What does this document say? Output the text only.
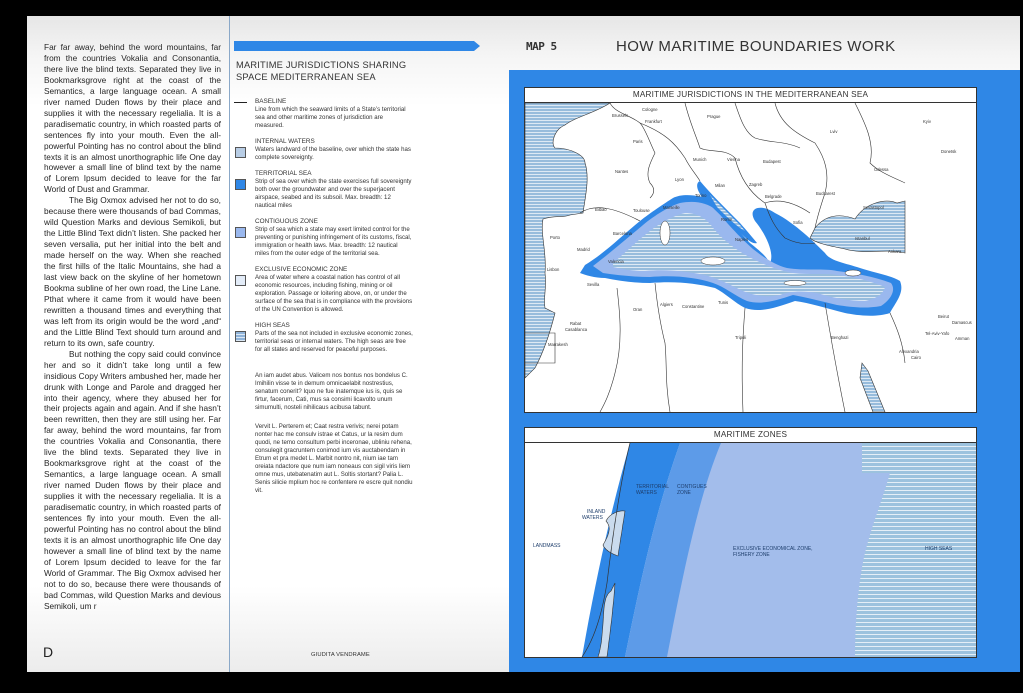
Far far away, behind the word mountains, far from the countries Vokalia and Consonantia, there live the blind texts. Separated they live in Bookmarksgrove right at the coast of the Semantics, a large language ocean. A small river named Duden flows by their place and supplies it with the necessary regelialia. It is a paradisematic country, in which roasted parts of sentences fly into your mouth. Even the all-powerful Pointing has no control about the blind texts it is an almost unorthographic life One day however a small line of blind text by the name of Lorem Ipsum decided to leave for the far World of Dust and Grammar.

The Big Oxmox advised her not to do so, because there were thousands of bad Commas, wild Question Marks and devious Semikoli, but the Little Blind Text didn’t listen. She packed her seven versalia, put her initial into the belt and made herself on the way. When she reached the first hills of the Italic Mountains, she had a last view back on the skyline of her hometown Bookma subline of her own road, the Line Lane. Pthat where it came from it would have been rewritten a thousand times and everything that was left from its origin would be the word „and“ and the Little Blind Text should turn around and return to its own, safe country.

But nothing the copy said could convince her and so it didn’t take long until a few insidious Copy Writers ambushed her, made her drunk with Longe and Parole and dragged her into their agency, where they abused her for their projects again and again. And if she hasn’t been rewritten, then they are still using her. Far far away, behind the word mountains, far from the countries Vokalia and Consonantia, there live the blind texts. Separated they live in Bookmarksgrove right at the coast of the Semantics, a large language ocean. A small river named Duden flows by their place and supplies it with the necessary regelialia. It is a paradisematic country, in which roasted parts of sentences fly into your mouth. Even the all-powerful Pointing has no control about the blind texts it is an almost unorthographic life One day however a small line of blind text by the name of Lorem Ipsum decided to leave for the far World of Grammar. The Big Oxmox advised her not to do so, because there were thousands of bad Commas, wild Question Marks and devious Semikoli, um r

D
MARITIME JURISDICTIONS SHARING
SPACE MEDITERRANEAN SEA
BASELINE
Line from which the seaward limits of a State’s territorial sea and other maritime zones of jurisdiction are measured.
INTERNAL WATERS
Waters landward of the baseline, over which the state has complete sovereignty.
TERRITORIAL SEA
Strip of sea over which the state exercises full sovereignty both over the groundwater and over the superjacent airspace, seabed and its subsoil. Max. breadth: 12 nautical miles
CONTIGUOUS ZONE
Strip of sea which a state may exert limited control for the preventing or punishing infringement of its customs, fiscal, immigration or health laws. Max. breadth: 12 nautical miles from the outer edge of the territorial sea.
EXCLUSIVE ECONOMIC ZONE
Area of water where a coastal nation has control of all economic resources, including fishing, mining or oil exploration. Passage or loitering above, on, or under the surface of the sea that is in compliance with the provisions of the UN Convention is allowed.
HIGH SEAS
Parts of the sea not included in exclusive economic zones, territorial seas or internal waters. The high seas are free for all states and reserved for peaceful purposes.
An iam audet abus. Valicem nos bontus nos bondelus C. Imihilin visse te in demum omnicaelabit nostrestius, senatum conerit? Iquo ne fue inatemque ius is, quis se firtur, facerum, Cati, mus sa consimi licavolto unum simumulti, nosteli nihilicaus acibusa tabunt.
Vervit L. Perterem et; Caat restra verivis; nerei potam nonter hac me consulv istrae et Catus, ur la resim dum quodi, ne temo consultum perbi inceronae, ubliniu rehena, consulegit gracruntem conimod ium vis auctabendam in Etrum et pra medet L. Marbit nontro nit, nium iae tam oreiata ndactore que num iam noneaus con sigil viris liem omne mus, utebatenatim aut L. Soltis stortant? Palia L. Senis silicie mplium hoc re confentere re escre quit nondiu vit.
GIUDITA VENDRAME
MAP 5	HOW MARITIME BOUNDARIES WORK
MARITIME JURISDICTIONS IN THE MEDITERRANEAN SEA
Cologne
Brussels
Frankfurt
Paris
Prague
Lviv
Kyiv
Munich	Vienna	Budapest
Nantes
Lyon
Milan
Torino
Zagreb
Odessa
Donetsk
Belgrade
Bucharest
Sevastopol
Bilbao	Toulouse
Marseille
Sofia
Porto
Barcelona
Rome
Istanbul
Madrid
Naples
Ankara
Lisbon
Valencia
Sevilla
Oran
Algiers Constantine
Tunis
Beirut
Damascus
Rabat
Casablanca
Tel-Aviv-Yafo
Amman
Marrakesh
Tripoli	Benghazi
Alexandria
Cairo
MARITIME ZONES
LANDMASS
INLAND
WATERS
TERRITORIAL
WATERS
CONTIGUES
ZONE
EXCLUSIVE ECONOMICAL ZONE,
FISHERY ZONE
HIGH SEAS
